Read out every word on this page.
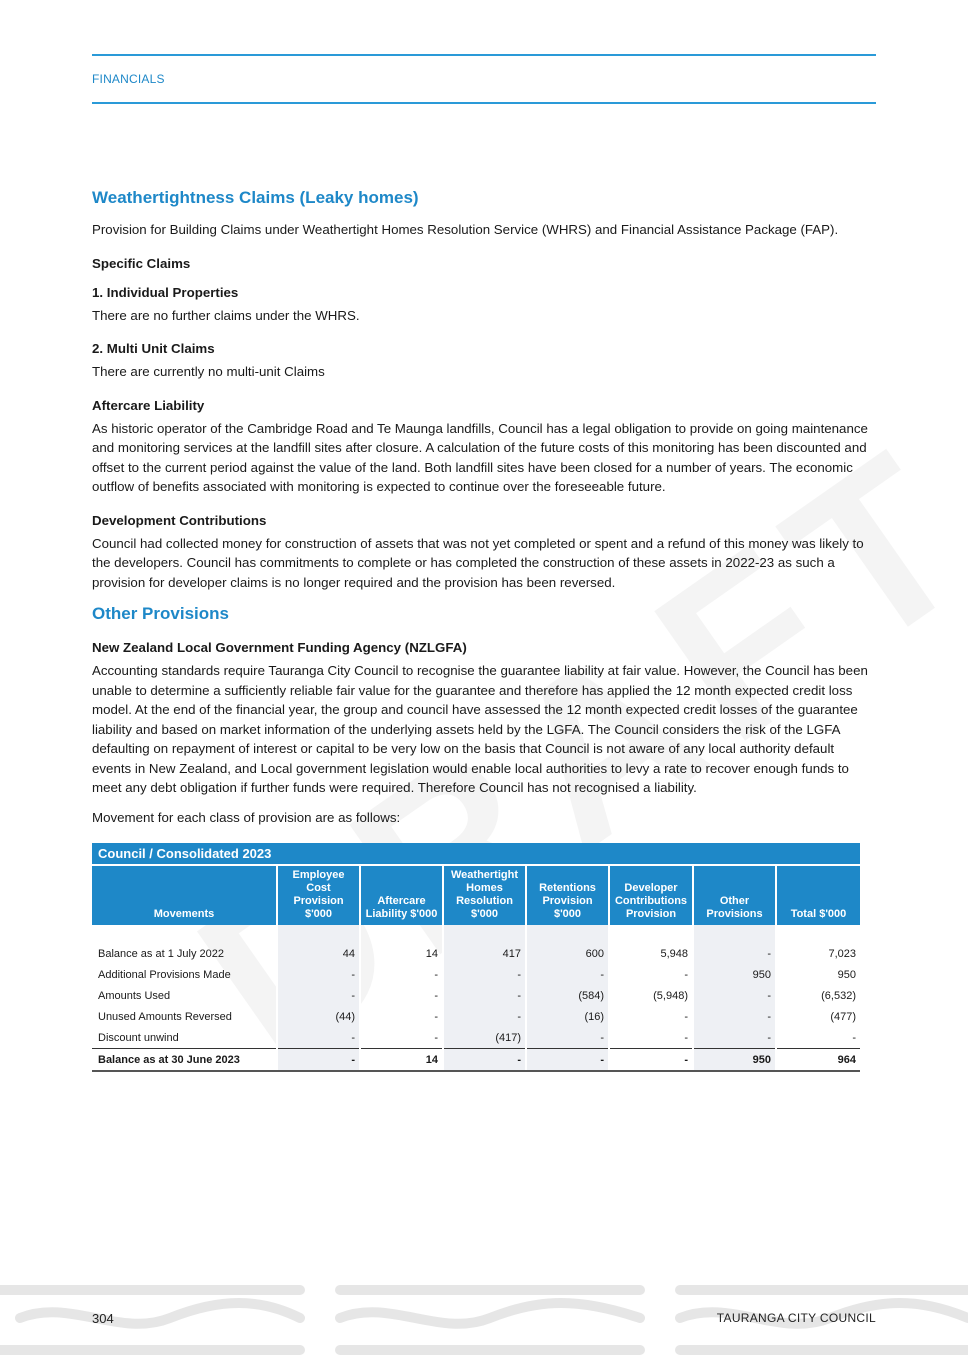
FINANCIALS
Weathertightness Claims (Leaky homes)

Provision for Building Claims under Weathertight Homes Resolution Service (WHRS) and Financial Assistance Package (FAP).

Specific Claims
1. Individual Properties

There are no further claims under the WHRS.

2. Multi Unit Claims

There are currently no multi-unit Claims

Aftercare Liability

As historic operator of the Cambridge Road and Te Maunga landfills, Council has a legal obligation to provide on going maintenance and monitoring services at the landfill sites after closure. A calculation of the future costs of this monitoring has been discounted and offset to the current period against the value of the land. Both landfill sites have been closed for a number of years. The economic outflow of benefits associated with monitoring is expected to continue over the foreseeable future.

Development Contributions

Council had collected money for construction of assets that was not yet completed or spent and a refund of this money was likely to the developers. Council has commitments to complete or has completed the construction of these assets in 2022-23 as such a provision for developer claims is no longer required and the provision has been reversed.

Other Provisions
New Zealand Local Government Funding Agency (NZLGFA)

Accounting standards require Tauranga City Council to recognise the guarantee liability at fair value. However, the Council has been unable to determine a sufficiently reliable fair value for the guarantee and therefore has applied the 12 month expected credit loss model. At the end of the financial year, the group and council have assessed the 12 month expected credit losses of the guarantee liability and based on market information of the underlying assets held by the LGFA. The Council considers the risk of the LGFA defaulting on repayment of interest or capital to be very low on the basis that Council is not aware of any local authority default events in New Zealand, and Local government legislation would enable local authorities to levy a rate to recover enough funds to meet any debt obligation if further funds were required. Therefore Council has not recognised a liability.

Movement for each class of provision are as follows:

Council / Consolidated 2023							
Movements	Employee Cost Provision $'000	Aftercare Liability $'000	Weathertight Homes Resolution $'000	Retentions Provision $'000	Developer Contributions Provision	Other Provisions	Total $'000

Balance as at 1 July 2022	44	14	417	600	5,948	-	7,023
Additional Provisions Made	-	-	-	-	-	950	950
Amounts Used	-	-	-	(584)	(5,948)	-	(6,532)
Unused Amounts Reversed	(44)	-	-	(16)	-	-	(477)
Discount unwind	-	-	(417)	-	-	-	-
Balance as at 30 June 2023	-	14	-	-	-	950	964
304	TAURANGA CITY COUNCIL
